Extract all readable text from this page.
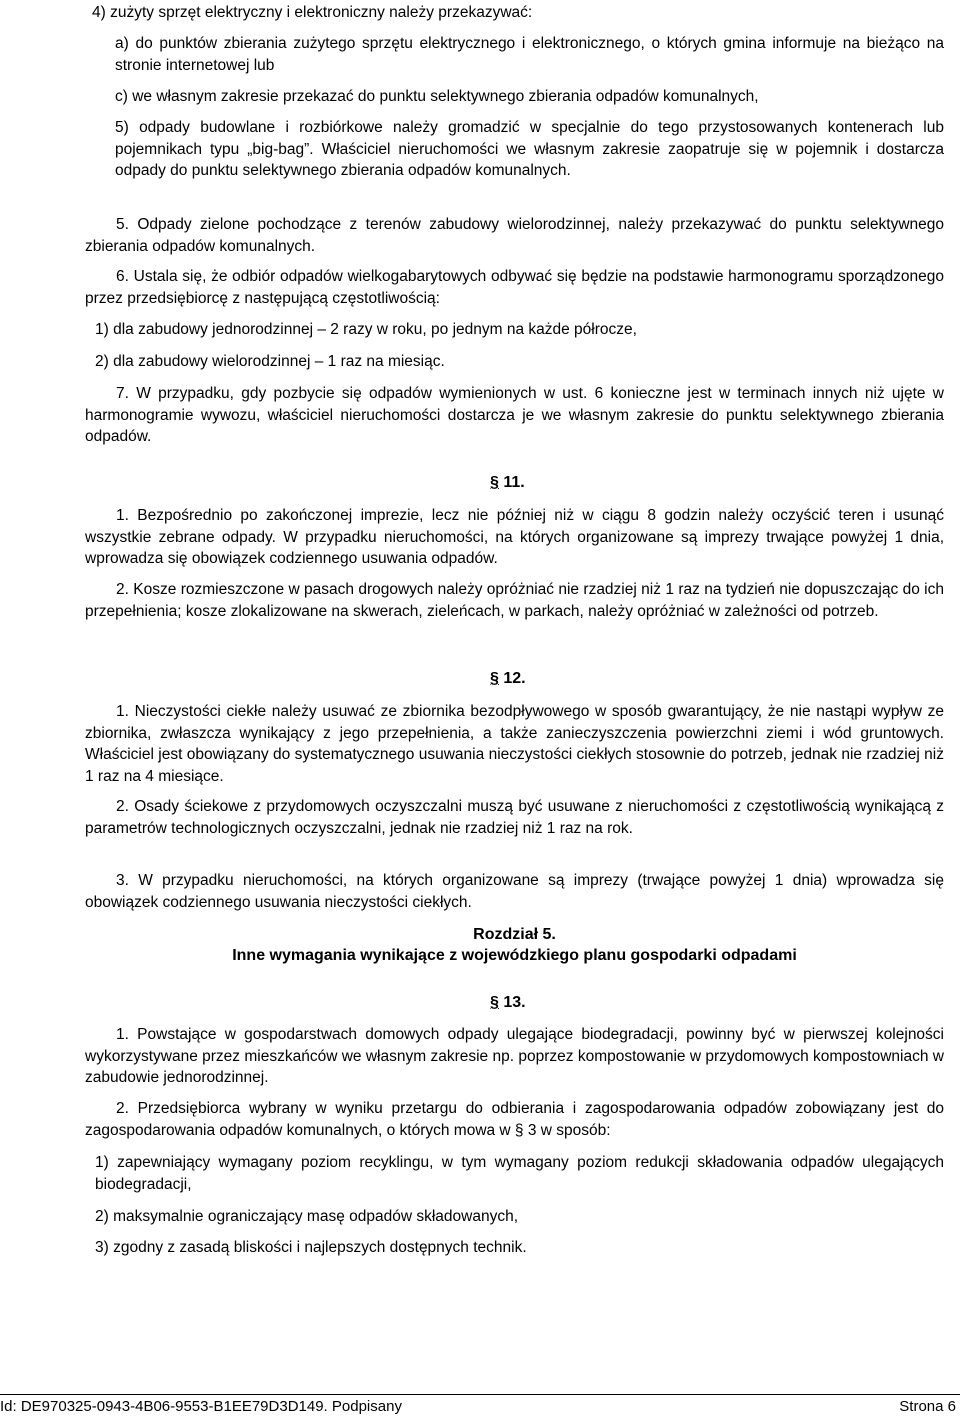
4) zużyty sprzęt elektryczny i elektroniczny należy przekazywać:

a) do punktów zbierania zużytego sprzętu elektrycznego i elektronicznego, o których gmina informuje na bieżąco na stronie internetowej lub

c) we własnym zakresie przekazać do punktu selektywnego zbierania odpadów komunalnych,

5) odpady budowlane i rozbiórkowe należy gromadzić w specjalnie do tego przystosowanych kontenerach lub pojemnikach typu „big-bag”. Właściciel nieruchomości we własnym zakresie zaopatruje się w pojemnik i dostarcza odpady do punktu selektywnego zbierania odpadów komunalnych.

5. Odpady zielone pochodzące z terenów zabudowy wielorodzinnej, należy przekazywać do punktu selektywnego zbierania odpadów komunalnych.

6. Ustala się, że odbiór odpadów wielkogabarytowych odbywać się będzie na podstawie harmonogramu sporządzonego przez przedsiębiorcę z następującą częstotliwością:

1) dla zabudowy jednorodzinnej – 2 razy w roku, po jednym na każde półrocze,

2) dla zabudowy wielorodzinnej – 1 raz na miesiąc.

7. W przypadku, gdy pozbycie się odpadów wymienionych w ust. 6 konieczne jest w terminach innych niż ujęte w harmonogramie wywozu, właściciel nieruchomości dostarcza je we własnym zakresie do punktu selektywnego zbierania odpadów.

§ 11.

1. Bezpośrednio po zakończonej imprezie, lecz nie później niż w ciągu 8 godzin należy oczyścić teren i usunąć wszystkie zebrane odpady. W przypadku nieruchomości, na których organizowane są imprezy trwające powyżej 1 dnia, wprowadza się obowiązek codziennego usuwania odpadów.

2. Kosze rozmieszczone w pasach drogowych należy opróżniać nie rzadziej niż 1 raz na tydzień nie dopuszczając do ich przepełnienia; kosze zlokalizowane na skwerach, zieleńcach, w parkach, należy opróżniać w zależności od potrzeb.

§ 12.

1. Nieczystości ciekłe należy usuwać ze zbiornika bezodpływowego w sposób gwarantujący, że nie nastąpi wypływ ze zbiornika, zwłaszcza wynikający z jego przepełnienia, a także zanieczyszczenia powierzchni ziemi i wód gruntowych. Właściciel jest obowiązany do systematycznego usuwania nieczystości ciekłych stosownie do potrzeb, jednak nie rzadziej niż 1 raz na 4 miesiące.

2. Osady ściekowe z przydomowych oczyszczalni muszą być usuwane z nieruchomości z częstotliwością wynikającą z parametrów technologicznych oczyszczalni, jednak nie rzadziej niż 1 raz na rok.

3. W przypadku nieruchomości, na których organizowane są imprezy (trwające powyżej 1 dnia) wprowadza się obowiązek codziennego usuwania nieczystości ciekłych.

Rozdział 5.
Inne wymagania wynikające z wojewódzkiego planu gospodarki odpadami
§ 13.

1. Powstające w gospodarstwach domowych odpady ulegające biodegradacji, powinny być w pierwszej kolejności wykorzystywane przez mieszkańców we własnym zakresie np. poprzez kompostowanie w przydomowych kompostowniach w zabudowie jednorodzinnej.

2. Przedsiębiorca wybrany w wyniku przetargu do odbierania i zagospodarowania odpadów zobowiązany jest do zagospodarowania odpadów komunalnych, o których mowa w § 3 w sposób:

1) zapewniający wymagany poziom recyklingu, w tym wymagany poziom redukcji składowania odpadów ulegających biodegradacji,

2) maksymalnie ograniczający masę odpadów składowanych,

3) zgodny z zasadą bliskości i najlepszych dostępnych technik.

Id: DE970325-0943-4B06-9553-B1EE79D3D149. Podpisany	Strona 6
